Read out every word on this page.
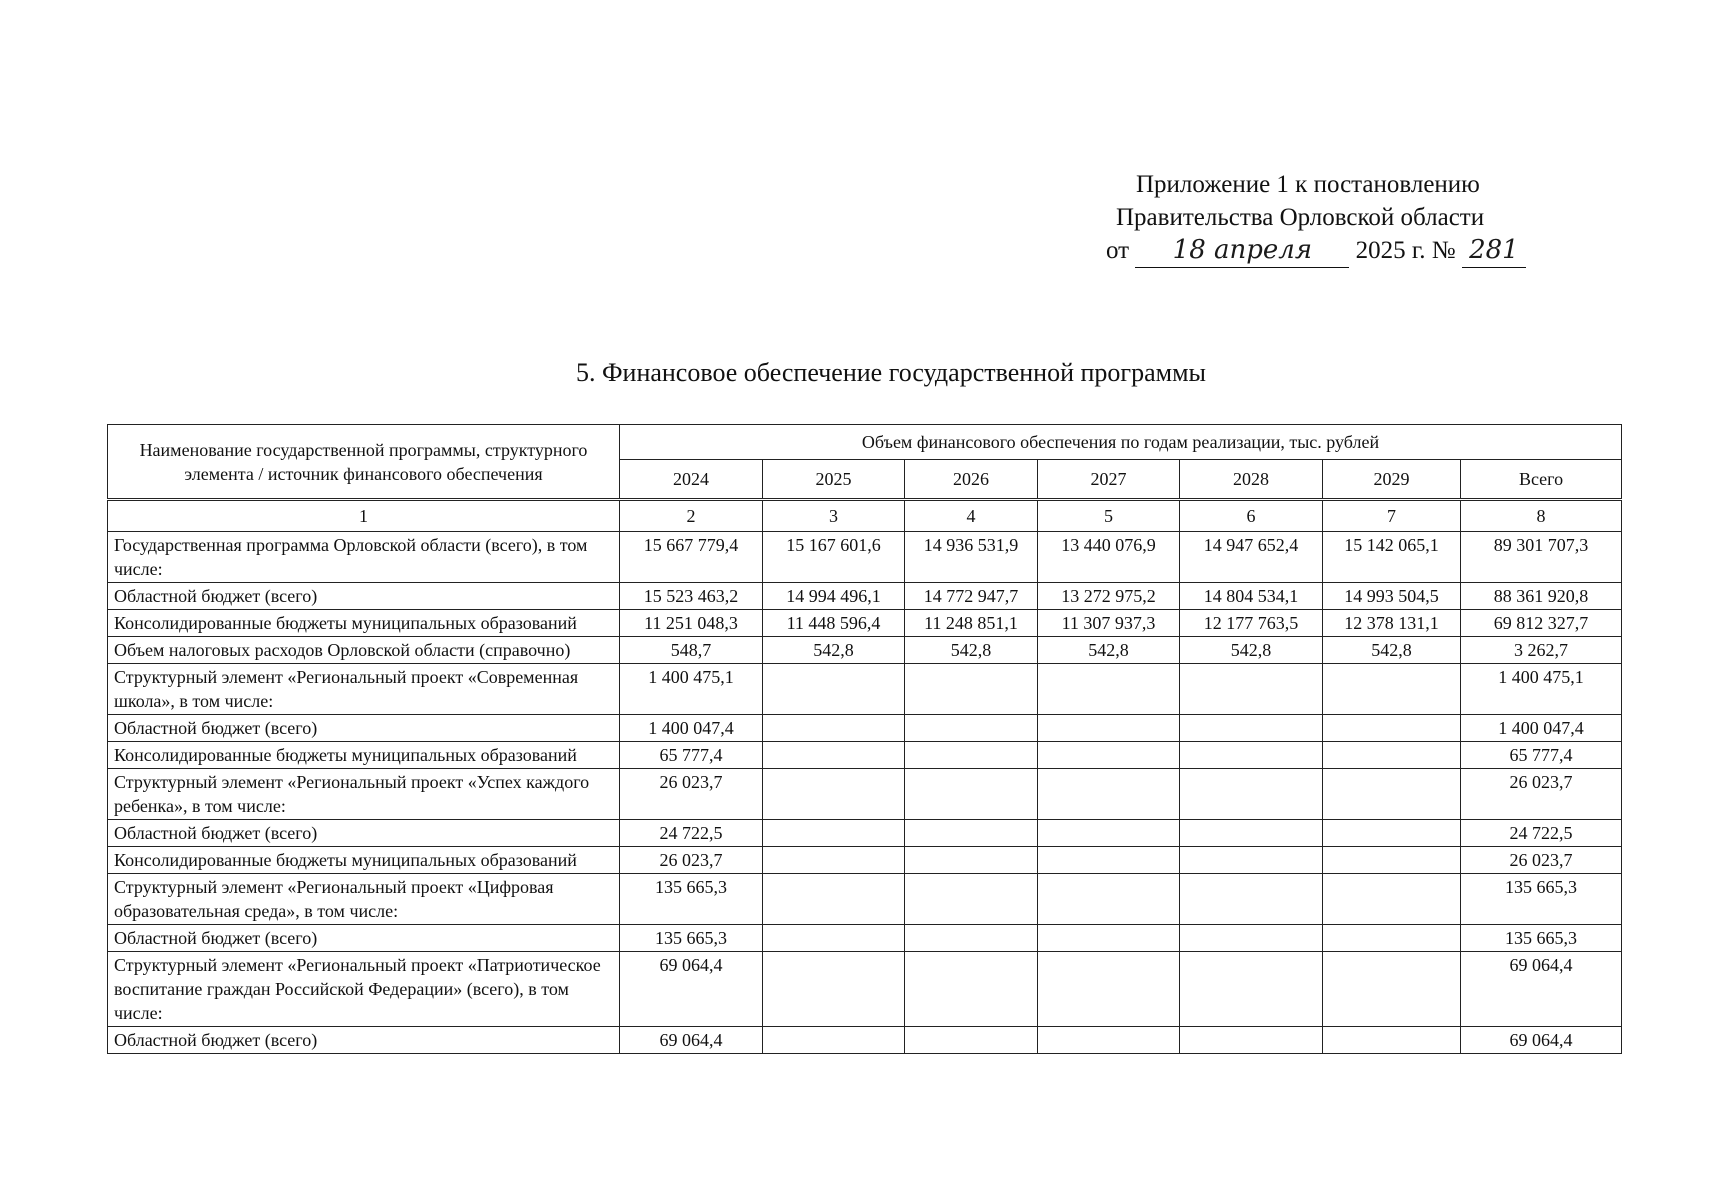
Приложение 1 к постановлению
Правительства Орловской области
от 18 апреля 2025 г. № 281
5. Финансовое обеспечение государственной программы
Наименование государственной программы, структурного элемента / источник финансового обеспечения	Объем финансового обеспечения по годам реализации, тыс. рублей						
	2024	2025	2026	2027	2028	2029	Всего
1	2	3	4	5	6	7	8
Государственная программа Орловской области (всего), в том числе:	15 667 779,4	15 167 601,6	14 936 531,9	13 440 076,9	14 947 652,4	15 142 065,1	89 301 707,3
Областной бюджет (всего)	15 523 463,2	14 994 496,1	14 772 947,7	13 272 975,2	14 804 534,1	14 993 504,5	88 361 920,8
Консолидированные бюджеты муниципальных образований	11 251 048,3	11 448 596,4	11 248 851,1	11 307 937,3	12 177 763,5	12 378 131,1	69 812 327,7
Объем налоговых расходов Орловской области (справочно)	548,7	542,8	542,8	542,8	542,8	542,8	3 262,7
Структурный элемент «Региональный проект «Современная школа», в том числе:	1 400 475,1						1 400 475,1
Областной бюджет (всего)	1 400 047,4						1 400 047,4
Консолидированные бюджеты муниципальных образований	65 777,4						65 777,4
Структурный элемент «Региональный проект «Успех каждого ребенка», в том числе:	26 023,7						26 023,7
Областной бюджет (всего)	24 722,5						24 722,5
Консолидированные бюджеты муниципальных образований	26 023,7						26 023,7
Структурный элемент «Региональный проект «Цифровая образовательная среда», в том числе:	135 665,3						135 665,3
Областной бюджет (всего)	135 665,3						135 665,3
Структурный элемент «Региональный проект «Патриотическое воспитание граждан Российской Федерации» (всего), в том числе:	69 064,4						69 064,4
Областной бюджет (всего)	69 064,4						69 064,4
